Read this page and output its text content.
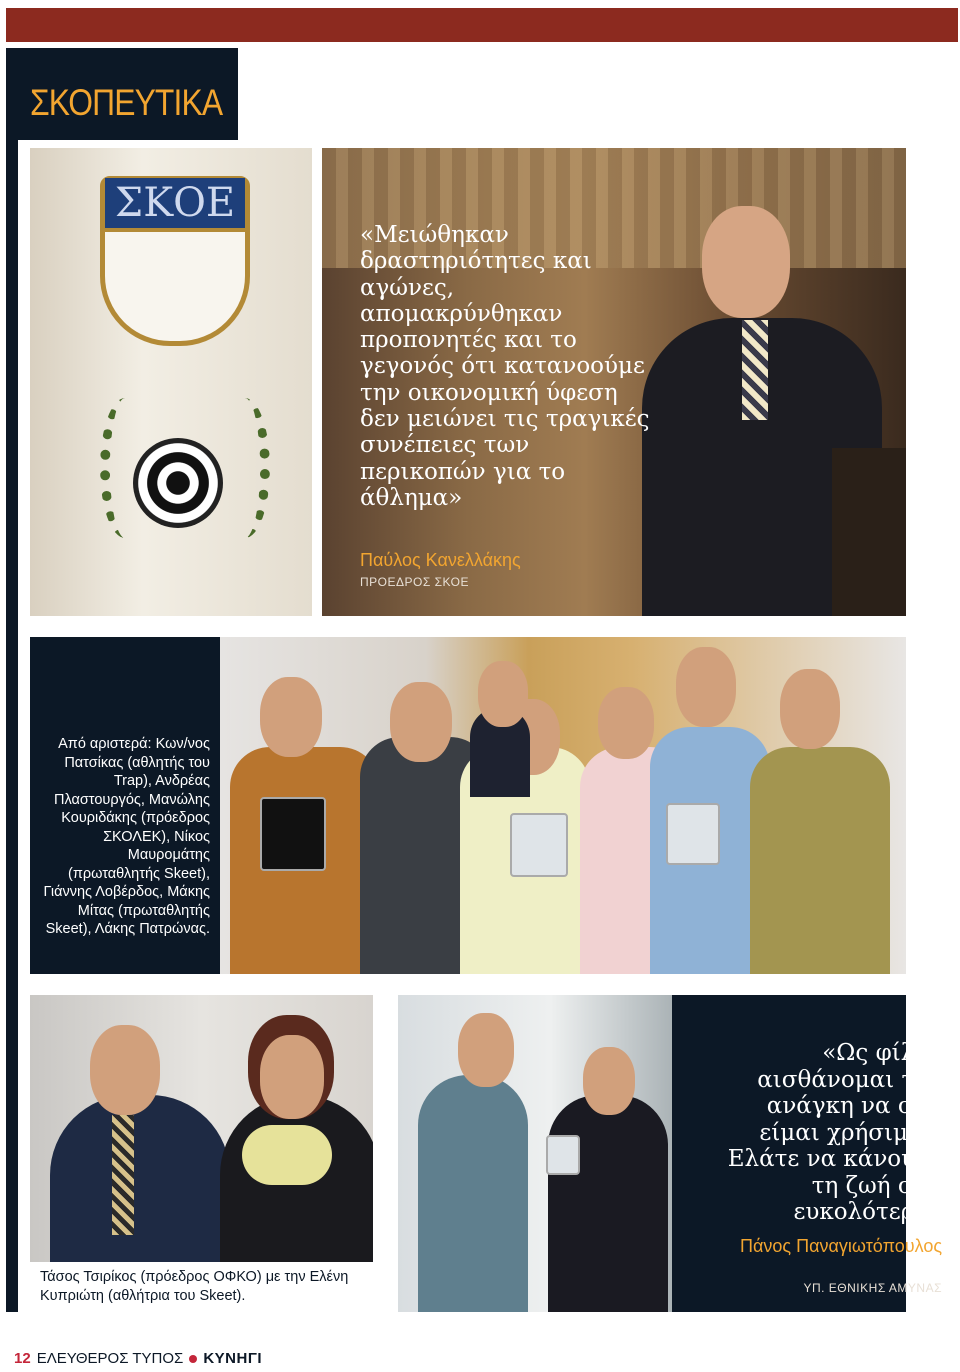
ΣΚΟΠΕΥΤΙΚΑ
ΣΚΟΕ

«Μειώθηκαν δραστηριότητες και αγώνες, απομακρύνθηκαν προπονητές και το γεγονός ότι κατανοούμε την οικονομική ύφεση δεν μειώνει τις τραγικές συνέπειες των περικοπών για το άθλημα»

Παύλος Κανελλάκης
ΠΡΟΕΔΡΟΣ ΣΚΟΕ

Από αριστερά: Κων/νος Πατσίκας (αθλητής του Trap), Ανδρέας Πλαστουργός, Μανώλης Κουριδάκης (πρόεδρος ΣΚΟΛΕΚ), Νίκος Μαυρομάτης (πρωταθλητής Skeet), Γιάννης Λοβέρδος, Μάκης Μίτας (πρωταθλητής Skeet), Λάκης Πατρώνας.

Τάσος Τσιρίκος (πρόεδρος ΟΦΚΟ) με την Ελένη Κυπριώτη (αθλήτρια του Skeet).

«Ως φίλος αισθάνομαι την ανάγκη να σας είμαι χρήσιμος. Ελάτε να κάνουμε τη ζωή σας ευκολότερη»

Πάνος Παναγιωτόπουλος

ΥΠ. ΕΘΝΙΚΗΣ ΑΜΥΝΑΣ
12 ΕΛΕΥΘΕΡΟΣ ΤΥΠΟΣ ΚΥΝΗΓΙ
